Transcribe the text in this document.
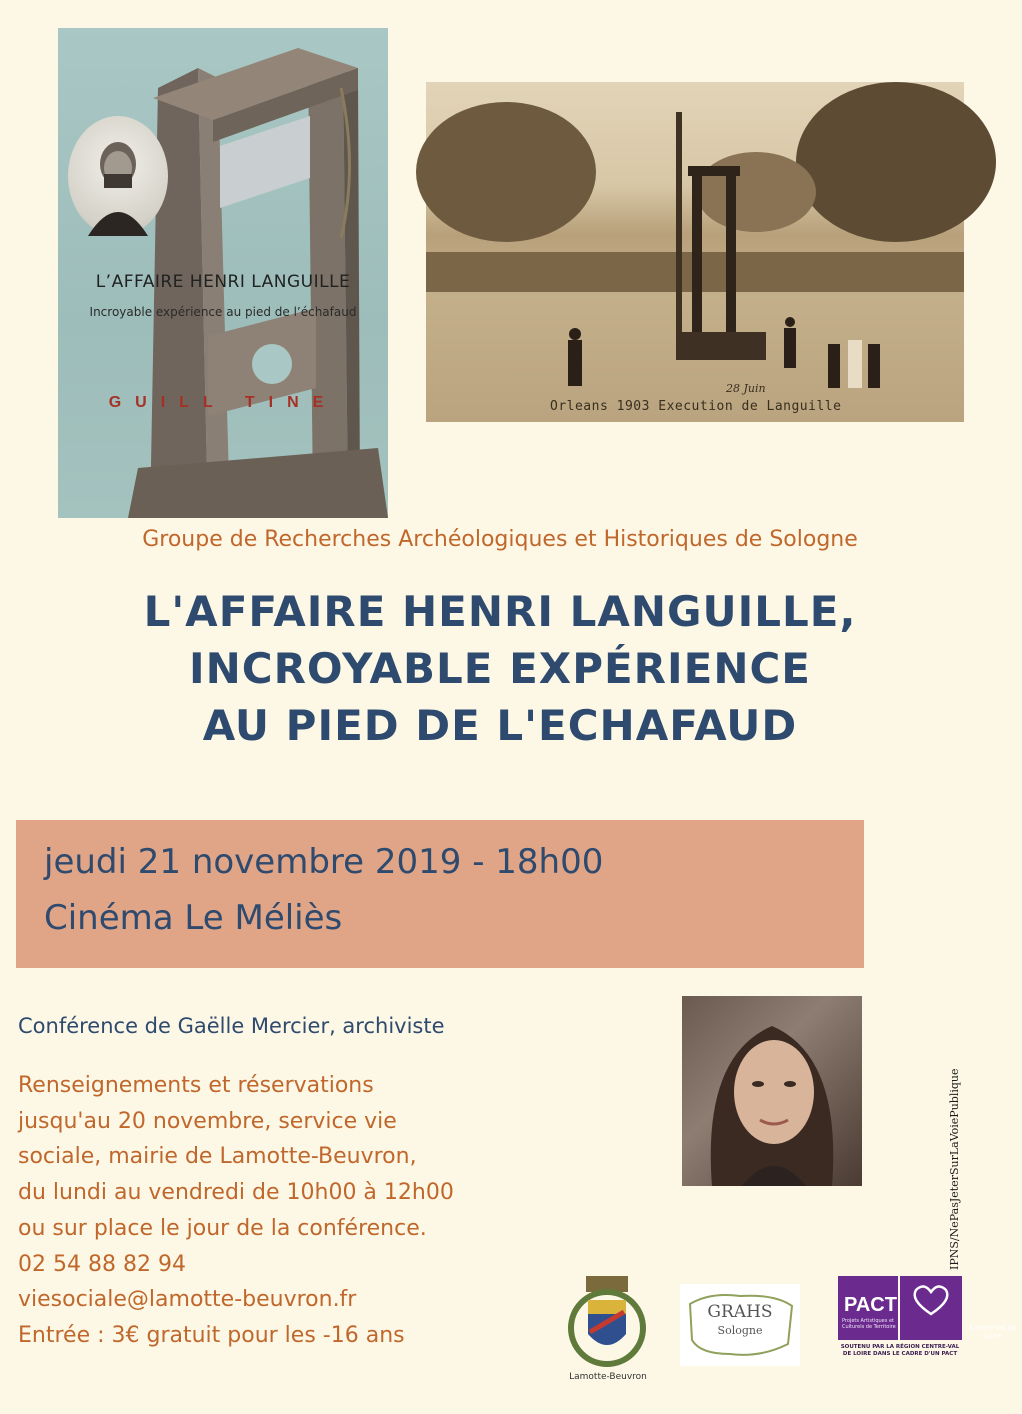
L’AFFAIRE HENRI LANGUILLE
Incroyable expérience au pied de l’échafaud
GUILL TINE
28 Juin
Orleans 1903 Execution de Languille
Groupe de Recherches Archéologiques et Historiques de Sologne
L'AFFAIRE HENRI LANGUILLE,
INCROYABLE EXPÉRIENCE
AU PIED DE L'ECHAFAUD
jeudi 21 novembre 2019 - 18h00
Cinéma Le Méliès
Conférence de Gaëlle Mercier, archiviste
Renseignements et réservations
jusqu'au 20 novembre, service vie
sociale, mairie de Lamotte-Beuvron,
du lundi au vendredi de 10h00 à 12h00
ou sur place le jour de la conférence.
02 54 88 82 94
viesociale@lamotte-beuvron.fr
Entrée : 3€ gratuit pour les -16 ans
IPNS/NePasJeterSurLaVoiePublique
Lamotte-Beuvron
GRAHS
Sologne
PACT
Projets Artistiques et Culturels de Territoire	Centre-Val de Loire
SOUTENU PAR LA RÉGION CENTRE-VAL DE LOIRE DANS LE CADRE D'UN PACT
